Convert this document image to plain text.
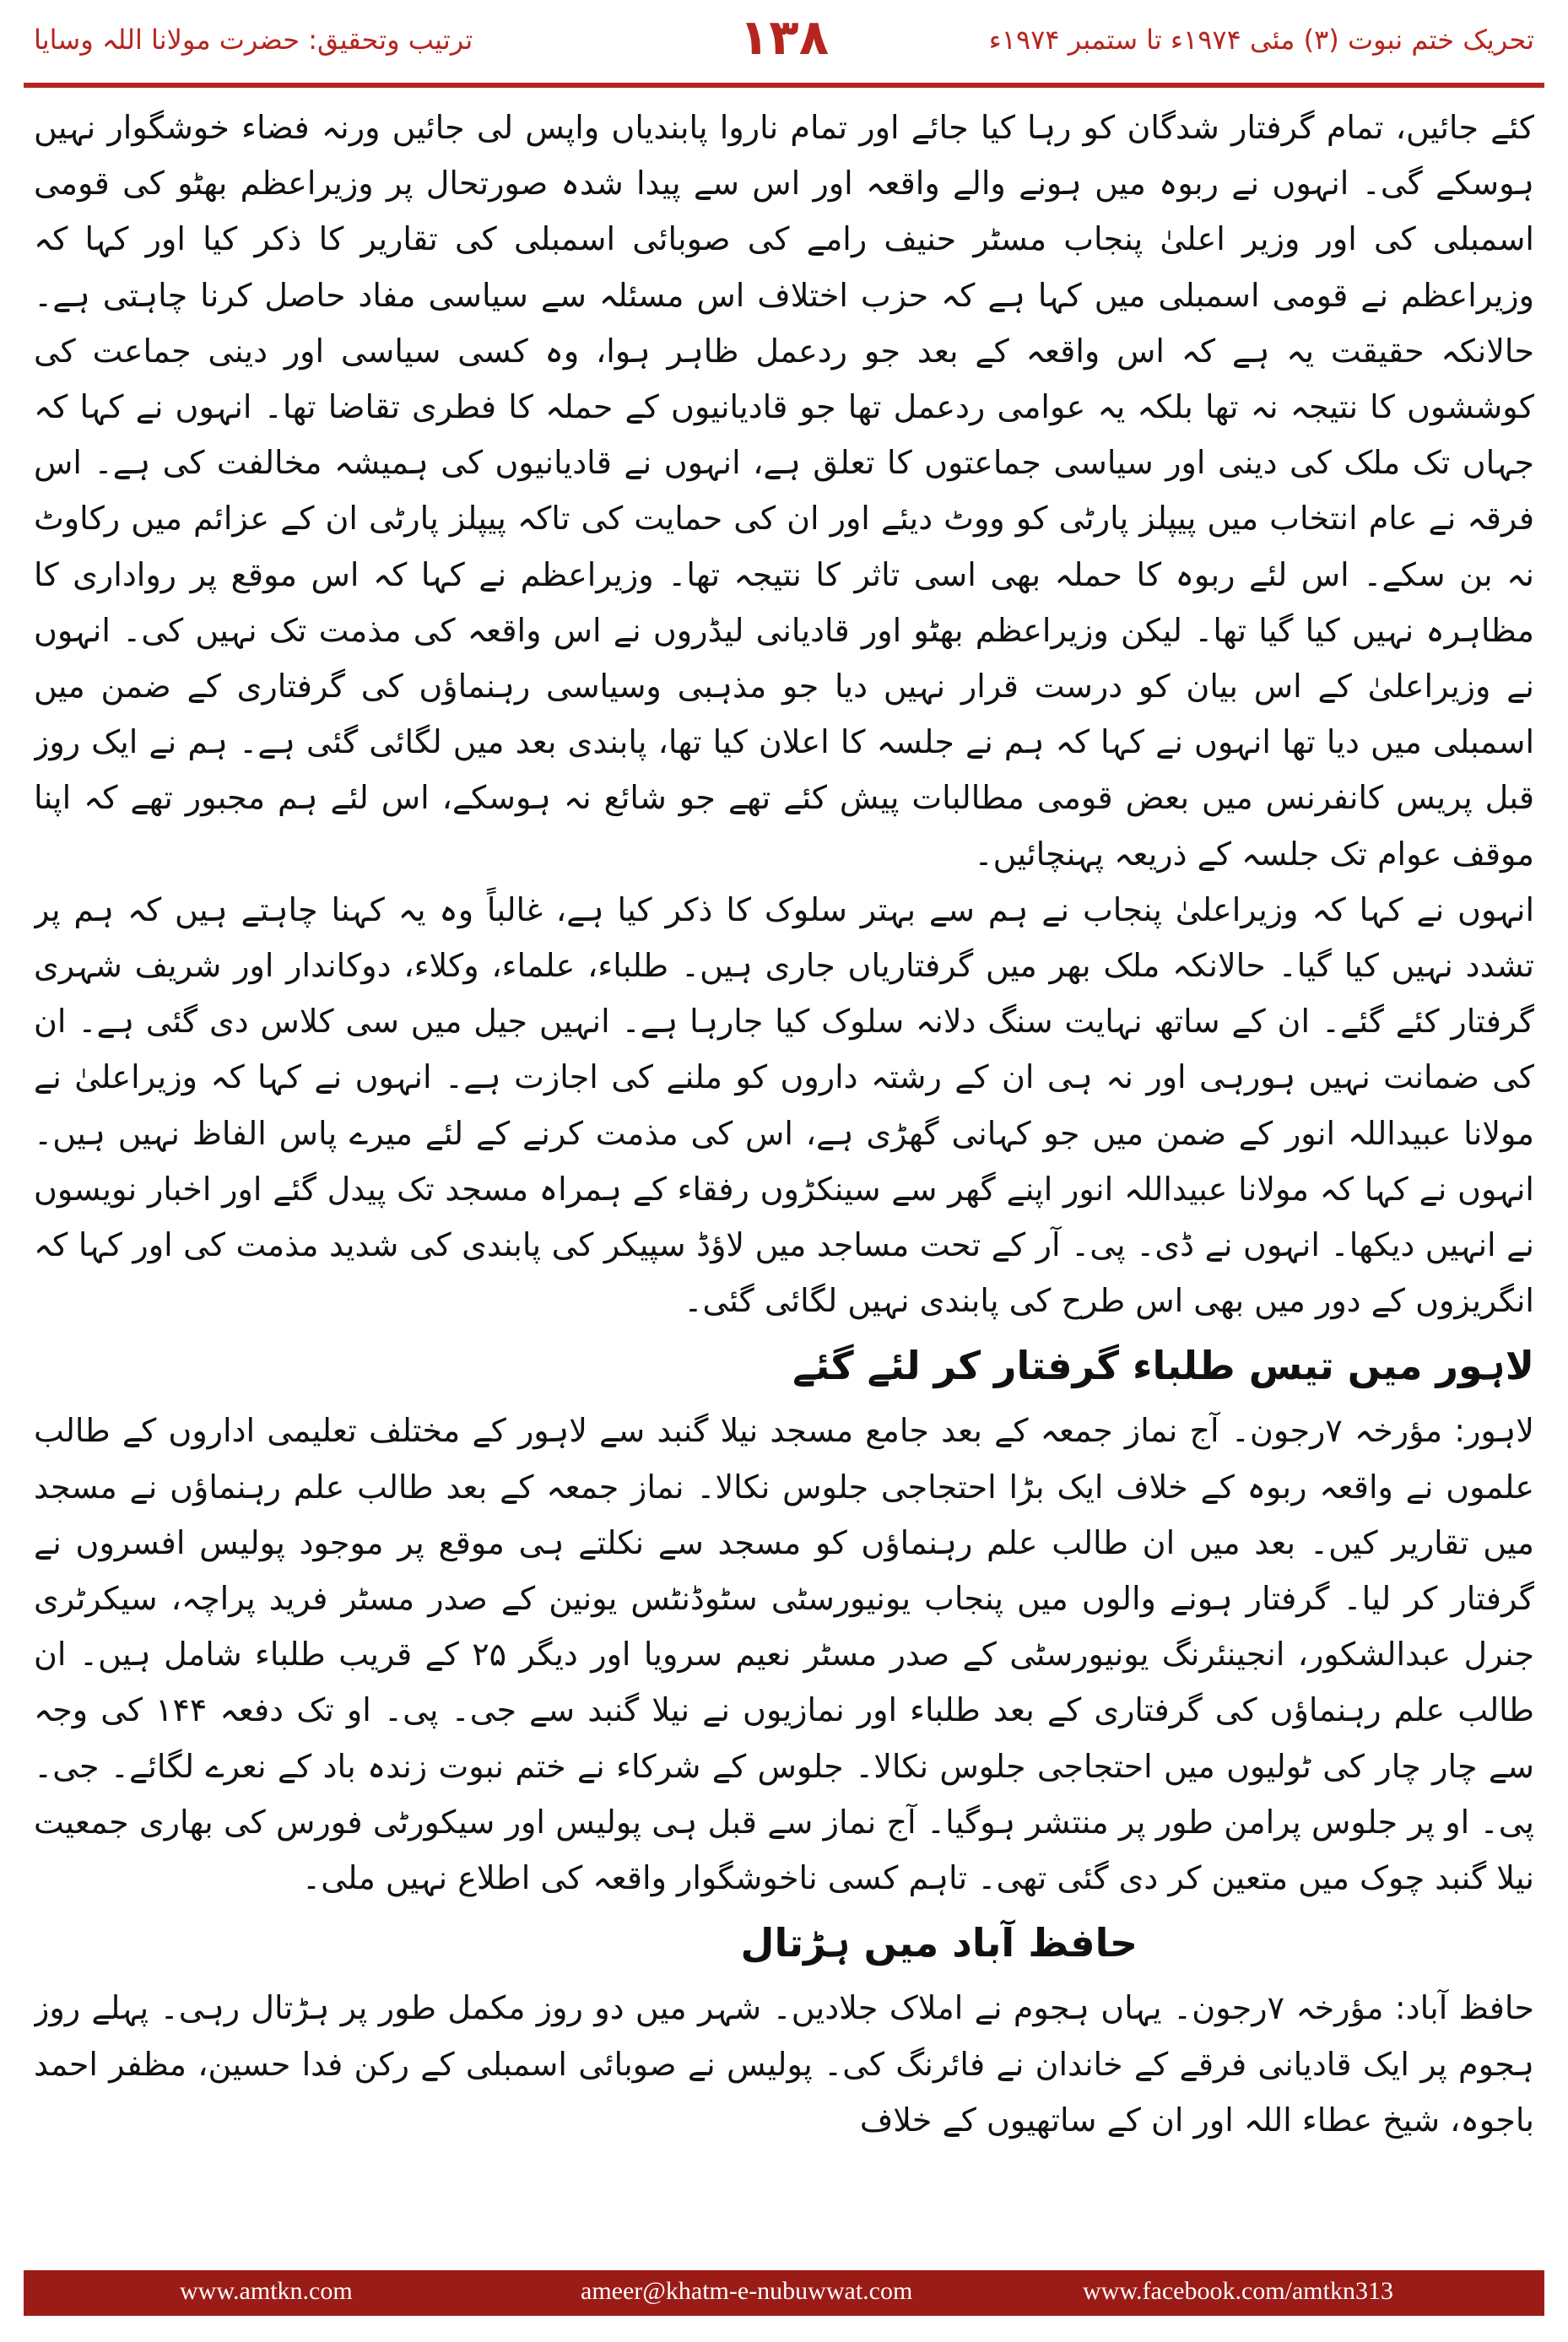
تحریک ختم نبوت (۳) مئی ۱۹۷۴ء تا ستمبر ۱۹۷۴ء
۱۳۸
ترتیب وتحقیق: حضرت مولانا اللہ وسایا

کئے جائیں، تمام گرفتار شدگان کو رہا کیا جائے اور تمام ناروا پابندیاں واپس لی جائیں ورنہ فضاء خوشگوار نہیں ہوسکے گی۔ انہوں نے ربوہ میں ہونے والے واقعہ اور اس سے پیدا شدہ صورتحال پر وزیراعظم بھٹو کی قومی اسمبلی کی اور وزیر اعلیٰ پنجاب مسٹر حنیف رامے کی صوبائی اسمبلی کی تقاریر کا ذکر کیا اور کہا کہ وزیراعظم نے قومی اسمبلی میں کہا ہے کہ حزب اختلاف اس مسئلہ سے سیاسی مفاد حاصل کرنا چاہتی ہے۔ حالانکہ حقیقت یہ ہے کہ اس واقعہ کے بعد جو ردعمل ظاہر ہوا، وہ کسی سیاسی اور دینی جماعت کی کوششوں کا نتیجہ نہ تھا بلکہ یہ عوامی ردعمل تھا جو قادیانیوں کے حملہ کا فطری تقاضا تھا۔ انہوں نے کہا کہ جہاں تک ملک کی دینی اور سیاسی جماعتوں کا تعلق ہے، انہوں نے قادیانیوں کی ہمیشہ مخالفت کی ہے۔ اس فرقہ نے عام انتخاب میں پیپلز پارٹی کو ووٹ دیئے اور ان کی حمایت کی تاکہ پیپلز پارٹی ان کے عزائم میں رکاوٹ نہ بن سکے۔ اس لئے ربوہ کا حملہ بھی اسی تاثر کا نتیجہ تھا۔ وزیراعظم نے کہا کہ اس موقع پر رواداری کا مظاہرہ نہیں کیا گیا تھا۔ لیکن وزیراعظم بھٹو اور قادیانی لیڈروں نے اس واقعہ کی مذمت تک نہیں کی۔ انہوں نے وزیراعلیٰ کے اس بیان کو درست قرار نہیں دیا جو مذہبی وسیاسی رہنماؤں کی گرفتاری کے ضمن میں اسمبلی میں دیا تھا انہوں نے کہا کہ ہم نے جلسہ کا اعلان کیا تھا، پابندی بعد میں لگائی گئی ہے۔ ہم نے ایک روز قبل پریس کانفرنس میں بعض قومی مطالبات پیش کئے تھے جو شائع نہ ہوسکے، اس لئے ہم مجبور تھے کہ اپنا موقف عوام تک جلسہ کے ذریعہ پہنچائیں۔

انہوں نے کہا کہ وزیراعلیٰ پنجاب نے ہم سے بہتر سلوک کا ذکر کیا ہے، غالباً وہ یہ کہنا چاہتے ہیں کہ ہم پر تشدد نہیں کیا گیا۔ حالانکہ ملک بھر میں گرفتاریاں جاری ہیں۔ طلباء، علماء، وکلاء، دوکاندار اور شریف شہری گرفتار کئے گئے۔ ان کے ساتھ نہایت سنگ دلانہ سلوک کیا جارہا ہے۔ انہیں جیل میں سی کلاس دی گئی ہے۔ ان کی ضمانت نہیں ہورہی اور نہ ہی ان کے رشتہ داروں کو ملنے کی اجازت ہے۔ انہوں نے کہا کہ وزیراعلیٰ نے مولانا عبیداللہ انور کے ضمن میں جو کہانی گھڑی ہے، اس کی مذمت کرنے کے لئے میرے پاس الفاظ نہیں ہیں۔ انہوں نے کہا کہ مولانا عبیداللہ انور اپنے گھر سے سینکڑوں رفقاء کے ہمراہ مسجد تک پیدل گئے اور اخبار نویسوں نے انہیں دیکھا۔ انہوں نے ڈی۔ پی۔ آر کے تحت مساجد میں لاؤڈ سپیکر کی پابندی کی شدید مذمت کی اور کہا کہ انگریزوں کے دور میں بھی اس طرح کی پابندی نہیں لگائی گئی۔

لاہور میں تیس طلباء گرفتار کر لئے گئے

لاہور: مؤرخہ ۷رجون۔ آج نماز جمعہ کے بعد جامع مسجد نیلا گنبد سے لاہور کے مختلف تعلیمی اداروں کے طالب علموں نے واقعہ ربوہ کے خلاف ایک بڑا احتجاجی جلوس نکالا۔ نماز جمعہ کے بعد طالب علم رہنماؤں نے مسجد میں تقاریر کیں۔ بعد میں ان طالب علم رہنماؤں کو مسجد سے نکلتے ہی موقع پر موجود پولیس افسروں نے گرفتار کر لیا۔ گرفتار ہونے والوں میں پنجاب یونیورسٹی سٹوڈنٹس یونین کے صدر مسٹر فرید پراچہ، سیکرٹری جنرل عبدالشکور، انجینئرنگ یونیورسٹی کے صدر مسٹر نعیم سرویا اور دیگر ۲۵ کے قریب طلباء شامل ہیں۔ ان طالب علم رہنماؤں کی گرفتاری کے بعد طلباء اور نمازیوں نے نیلا گنبد سے جی۔ پی۔ او تک دفعہ ۱۴۴ کی وجہ سے چار چار کی ٹولیوں میں احتجاجی جلوس نکالا۔ جلوس کے شرکاء نے ختم نبوت زندہ باد کے نعرے لگائے۔ جی۔ پی۔ او پر جلوس پرامن طور پر منتشر ہوگیا۔ آج نماز سے قبل ہی پولیس اور سیکورٹی فورس کی بھاری جمعیت نیلا گنبد چوک میں متعین کر دی گئی تھی۔ تاہم کسی ناخوشگوار واقعہ کی اطلاع نہیں ملی۔

حافظ آباد میں ہڑتال

حافظ آباد: مؤرخہ ۷رجون۔ یہاں ہجوم نے املاک جلادیں۔ شہر میں دو روز مکمل طور پر ہڑتال رہی۔ پہلے روز ہجوم پر ایک قادیانی فرقے کے خاندان نے فائرنگ کی۔ پولیس نے صوبائی اسمبلی کے رکن فدا حسین، مظفر احمد باجوہ، شیخ عطاء اللہ اور ان کے ساتھیوں کے خلاف

www.amtkn.com	ameer@khatm-e-nubuwwat.com	www.facebook.com/amtkn313
